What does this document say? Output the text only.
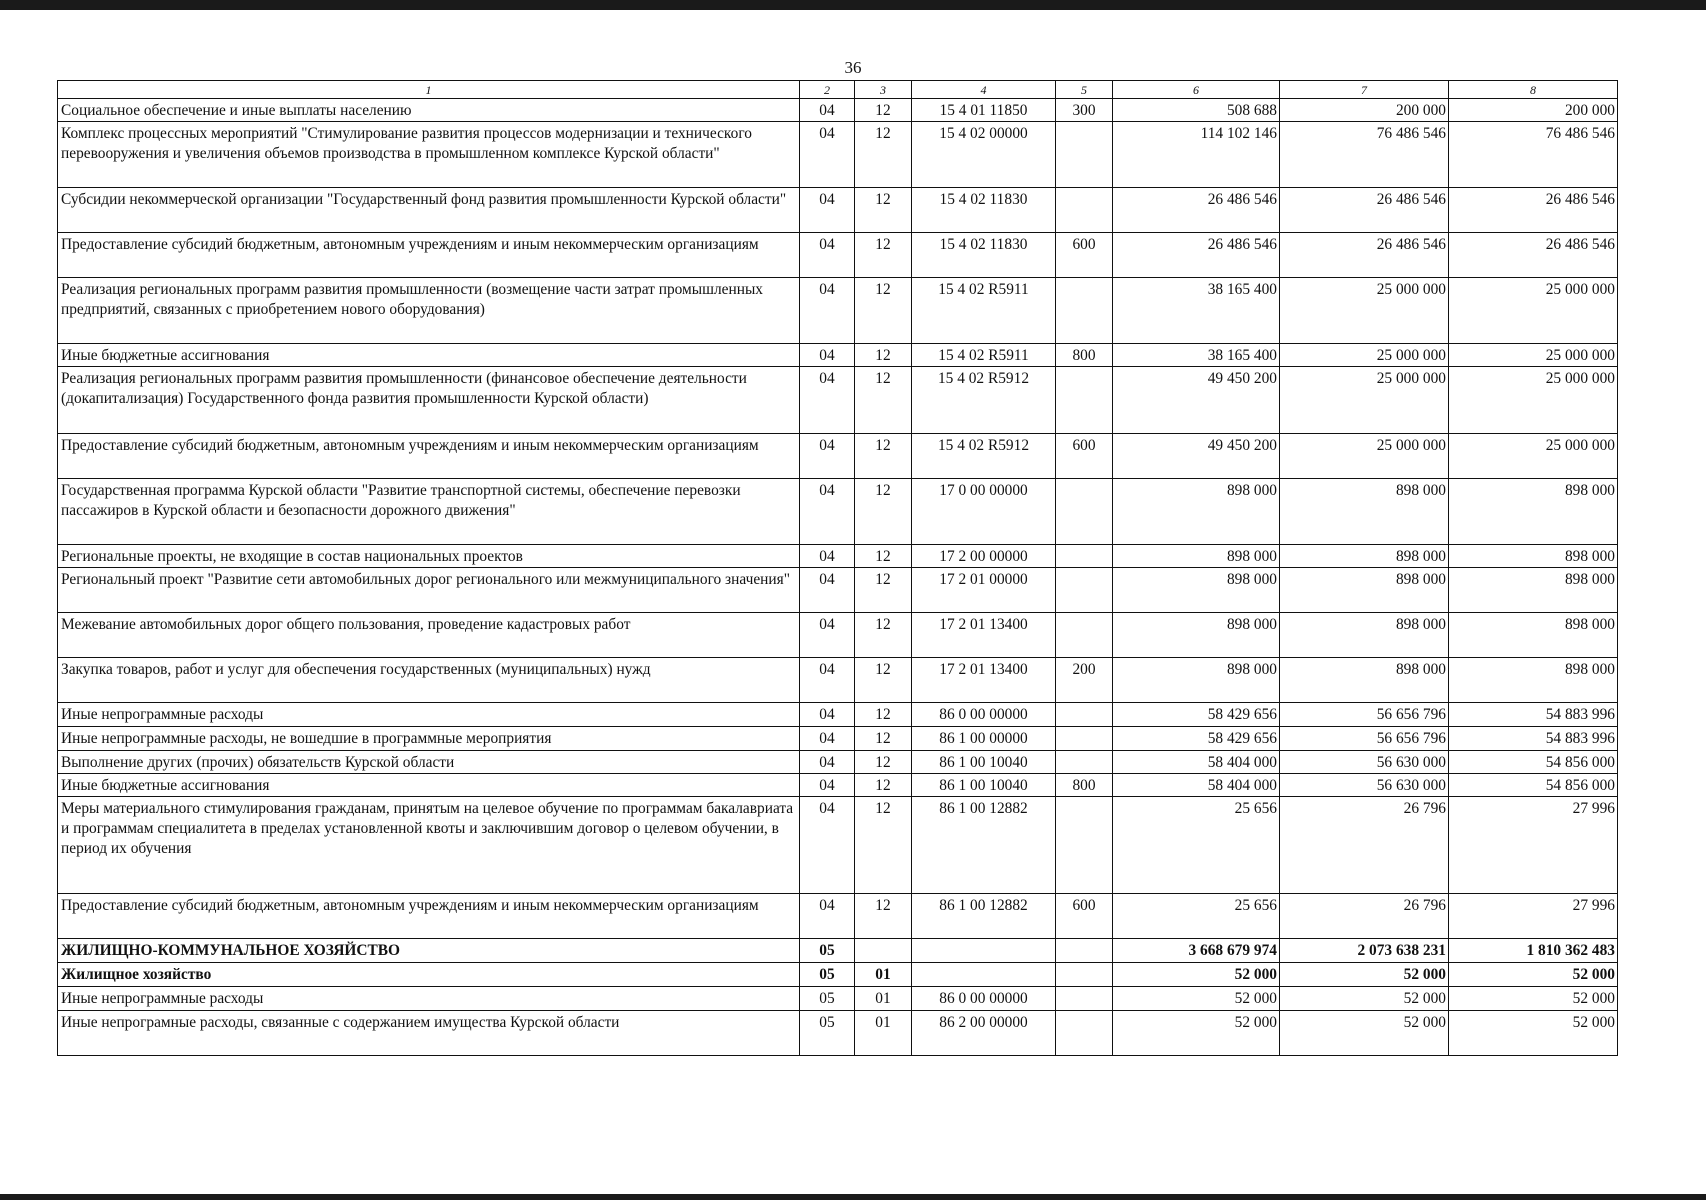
36
1	2	3	4	5	6	7	8
Социальное обеспечение и иные выплаты населению	04	12	15 4 01 11850	300	508 688	200 000	200 000
Комплекс процессных мероприятий "Стимулирование развития процессов модернизации и технического перевооружения и увеличения объемов производства в промышленном комплексе Курской области"	04	12	15 4 02 00000		114 102 146	76 486 546	76 486 546
Субсидии некоммерческой организации "Государственный фонд развития промышленности Курской области"	04	12	15 4 02 11830		26 486 546	26 486 546	26 486 546
Предоставление субсидий бюджетным, автономным учреждениям и иным некоммерческим организациям	04	12	15 4 02 11830	600	26 486 546	26 486 546	26 486 546
Реализация региональных программ развития промышленности (возмещение части затрат промышленных предприятий, связанных с приобретением нового оборудования)	04	12	15 4 02 R5911		38 165 400	25 000 000	25 000 000
Иные бюджетные ассигнования	04	12	15 4 02 R5911	800	38 165 400	25 000 000	25 000 000
Реализация региональных программ развития промышленности (финансовое обеспечение деятельности (докапитализация) Государственного фонда развития промышленности Курской области)	04	12	15 4 02 R5912		49 450 200	25 000 000	25 000 000
Предоставление субсидий бюджетным, автономным учреждениям и иным некоммерческим организациям	04	12	15 4 02 R5912	600	49 450 200	25 000 000	25 000 000
Государственная программа Курской области "Развитие транспортной системы, обеспечение перевозки пассажиров в Курской области и безопасности дорожного движения"	04	12	17 0 00 00000		898 000	898 000	898 000
Региональные проекты, не входящие в состав национальных проектов	04	12	17 2 00 00000		898 000	898 000	898 000
Региональный проект "Развитие сети автомобильных дорог регионального или межмуниципального значения"	04	12	17 2 01 00000		898 000	898 000	898 000
Межевание автомобильных дорог общего пользования, проведение кадастровых работ	04	12	17 2 01 13400		898 000	898 000	898 000
Закупка товаров, работ и услуг для обеспечения государственных (муниципальных) нужд	04	12	17 2 01 13400	200	898 000	898 000	898 000
Иные непрограммные расходы	04	12	86 0 00 00000		58 429 656	56 656 796	54 883 996
Иные непрограммные расходы, не вошедшие в программные мероприятия	04	12	86 1 00 00000		58 429 656	56 656 796	54 883 996
Выполнение других (прочих) обязательств Курской области	04	12	86 1 00 10040		58 404 000	56 630 000	54 856 000
Иные бюджетные ассигнования	04	12	86 1 00 10040	800	58 404 000	56 630 000	54 856 000
Меры материального стимулирования гражданам, принятым на целевое обучение по программам бакалавриата и программам специалитета в пределах установленной квоты и заключившим договор о целевом обучении, в период их обучения	04	12	86 1 00 12882		25 656	26 796	27 996
Предоставление субсидий бюджетным, автономным учреждениям и иным некоммерческим организациям	04	12	86 1 00 12882	600	25 656	26 796	27 996
ЖИЛИЩНО-КОММУНАЛЬНОЕ ХОЗЯЙСТВО	05				3 668 679 974	2 073 638 231	1 810 362 483
Жилищное хозяйство	05	01			52 000	52 000	52 000
Иные непрограммные расходы	05	01	86 0 00 00000		52 000	52 000	52 000
Иные непрограмные расходы, связанные с содержанием имущества Курской области	05	01	86 2 00 00000		52 000	52 000	52 000
